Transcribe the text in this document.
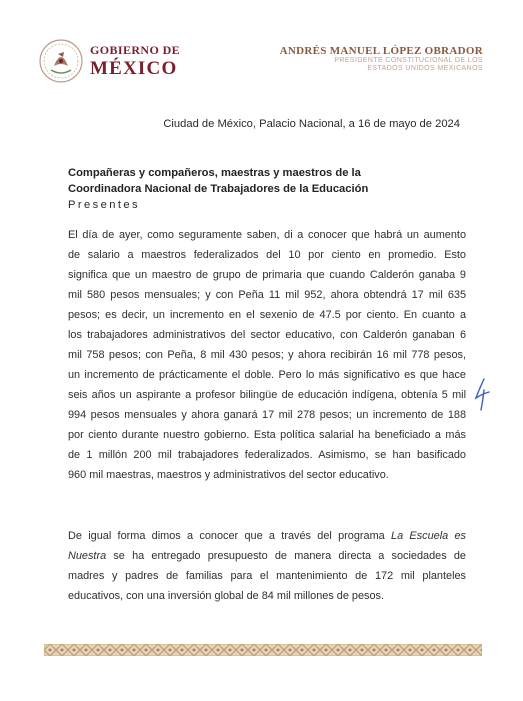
GOBIERNO DE
MÉXICO
ANDRÉS MANUEL LÓPEZ OBRADOR
PRESIDENTE CONSTITUCIONAL DE LOS
ESTADOS UNIDOS MEXICANOS
Ciudad de México, Palacio Nacional, a 16 de mayo de 2024
Compañeras y compañeros, maestras y maestros de la
Coordinadora Nacional de Trabajadores de la Educación
Presentes
El día de ayer, como seguramente saben, di a conocer que habrá un aumento
de salario a maestros federalizados del 10 por ciento en promedio. Esto
significa que un maestro de grupo de primaria que cuando Calderón ganaba 9
mil 580 pesos mensuales; y con Peña 11 mil 952, ahora obtendrá 17 mil 635
pesos; es decir, un incremento en el sexenio de 47.5 por ciento. En cuanto a
los trabajadores administrativos del sector educativo, con Calderón ganaban 6
mil 758 pesos; con Peña, 8 mil 430 pesos; y ahora recibirán 16 mil 778 pesos,
un incremento de prácticamente el doble. Pero lo más significativo es que hace
seis años un aspirante a profesor bilingüe de educación indígena, obtenía 5 mil
994 pesos mensuales y ahora ganará 17 mil 278 pesos; un incremento de 188
por ciento durante nuestro gobierno. Esta política salarial ha beneficiado a más
de 1 millón 200 mil trabajadores federalizados. Asimismo, se han basificado
960 mil maestras, maestros y administrativos del sector educativo.
De igual forma dimos a conocer que a través del programa La Escuela es
Nuestra se ha entregado presupuesto de manera directa a sociedades de
madres y padres de familias para el mantenimiento de 172 mil planteles
educativos, con una inversión global de 84 mil millones de pesos.
